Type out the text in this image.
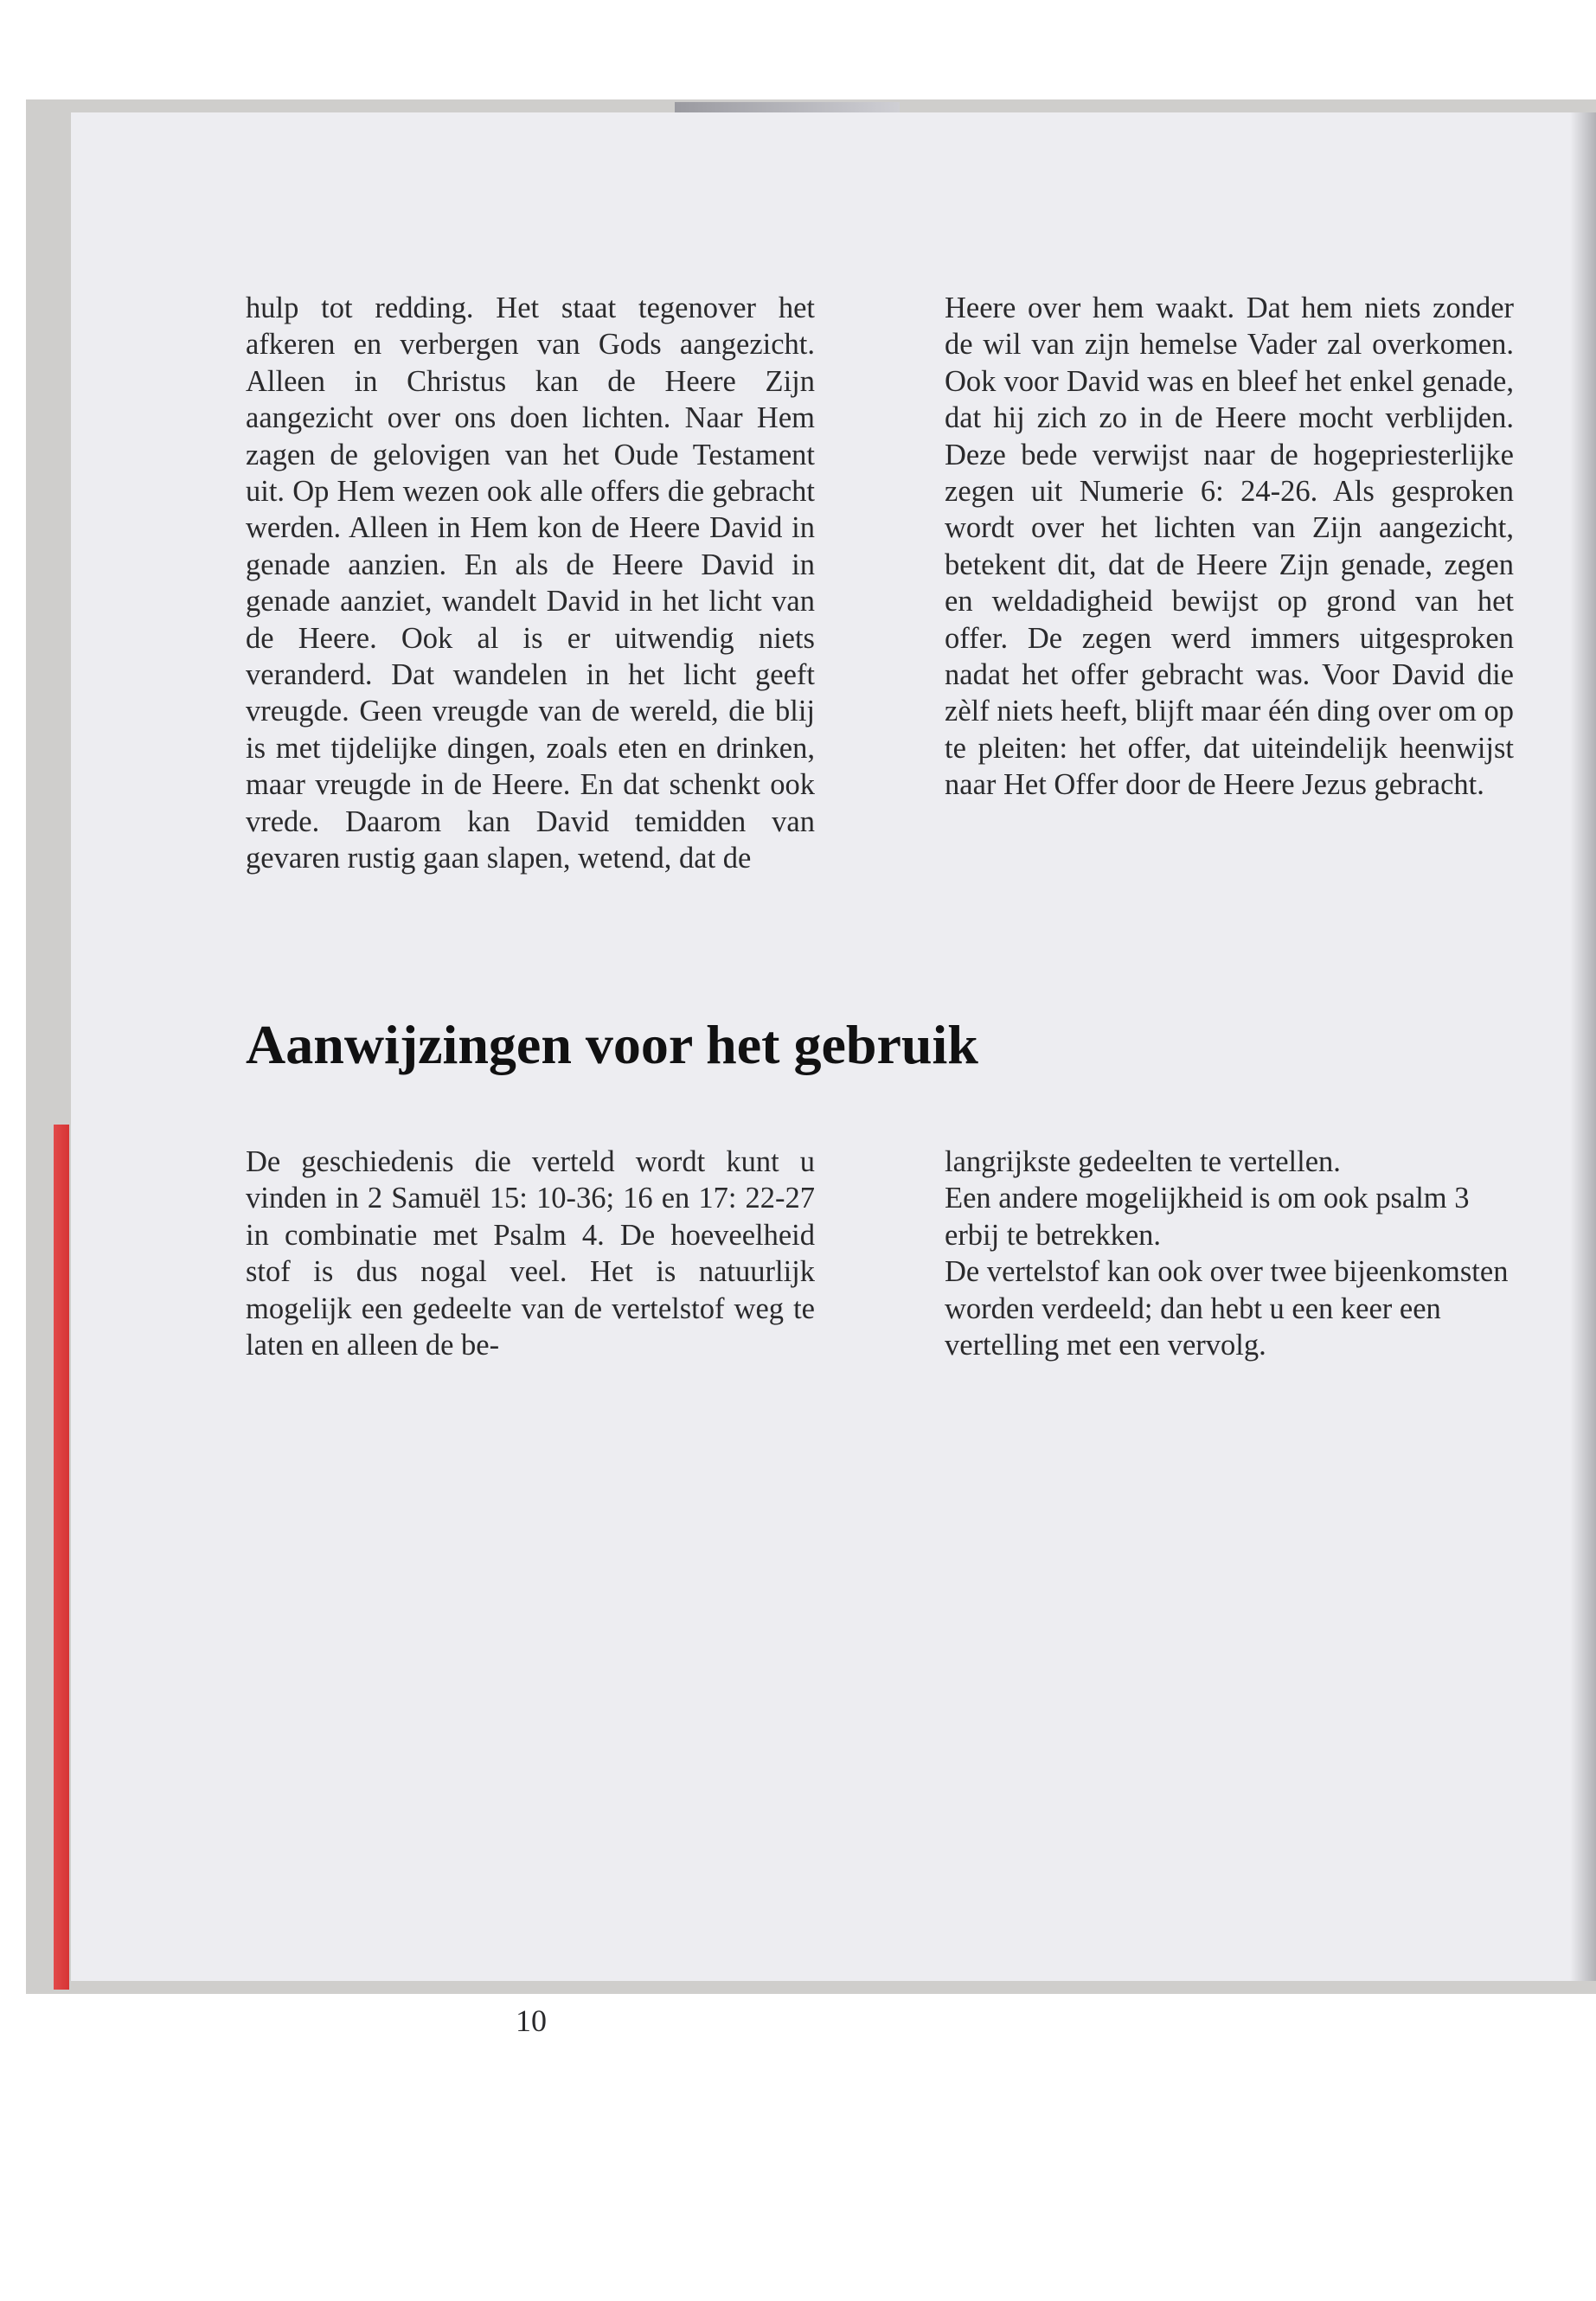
hulp tot redding. Het staat tegenover het afkeren en verbergen van Gods aangezicht. Alleen in Christus kan de Heere Zijn aangezicht over ons doen lichten. Naar Hem zagen de gelovigen van het Oude Testament uit. Op Hem wezen ook alle offers die gebracht werden. Alleen in Hem kon de Heere David in genade aanzien. En als de Heere David in genade aanziet, wandelt David in het licht van de Heere. Ook al is er uitwendig niets veranderd. Dat wandelen in het licht geeft vreugde. Geen vreugde van de wereld, die blij is met tijdelijke dingen, zoals eten en drinken, maar vreugde in de Heere. En dat schenkt ook vrede. Daarom kan David temidden van gevaren rustig gaan slapen, wetend, dat de

Heere over hem waakt. Dat hem niets zonder de wil van zijn hemelse Vader zal overkomen. Ook voor David was en bleef het enkel genade, dat hij zich zo in de Heere mocht verblijden. Deze bede verwijst naar de hogepriesterlijke zegen uit Numerie 6: 24-26. Als gesproken wordt over het lichten van Zijn aangezicht, betekent dit, dat de Heere Zijn genade, zegen en weldadigheid bewijst op grond van het offer. De zegen werd immers uitgesproken nadat het offer gebracht was. Voor David die zèlf niets heeft, blijft maar één ding over om op te pleiten: het offer, dat uiteindelijk heenwijst naar Het Offer door de Heere Jezus gebracht.

Aanwijzingen voor het gebruik

De geschiedenis die verteld wordt kunt u vinden in 2 Samuël 15: 10-36; 16 en 17: 22-27 in combinatie met Psalm 4. De hoeveelheid stof is dus nogal veel. Het is natuurlijk mogelijk een gedeelte van de vertelstof weg te laten en alleen de be-

langrijkste gedeelten te vertellen.

Een andere mogelijkheid is om ook psalm 3 erbij te betrekken.

De vertelstof kan ook over twee bijeenkomsten worden verdeeld; dan hebt u een keer een vertelling met een vervolg.

10
